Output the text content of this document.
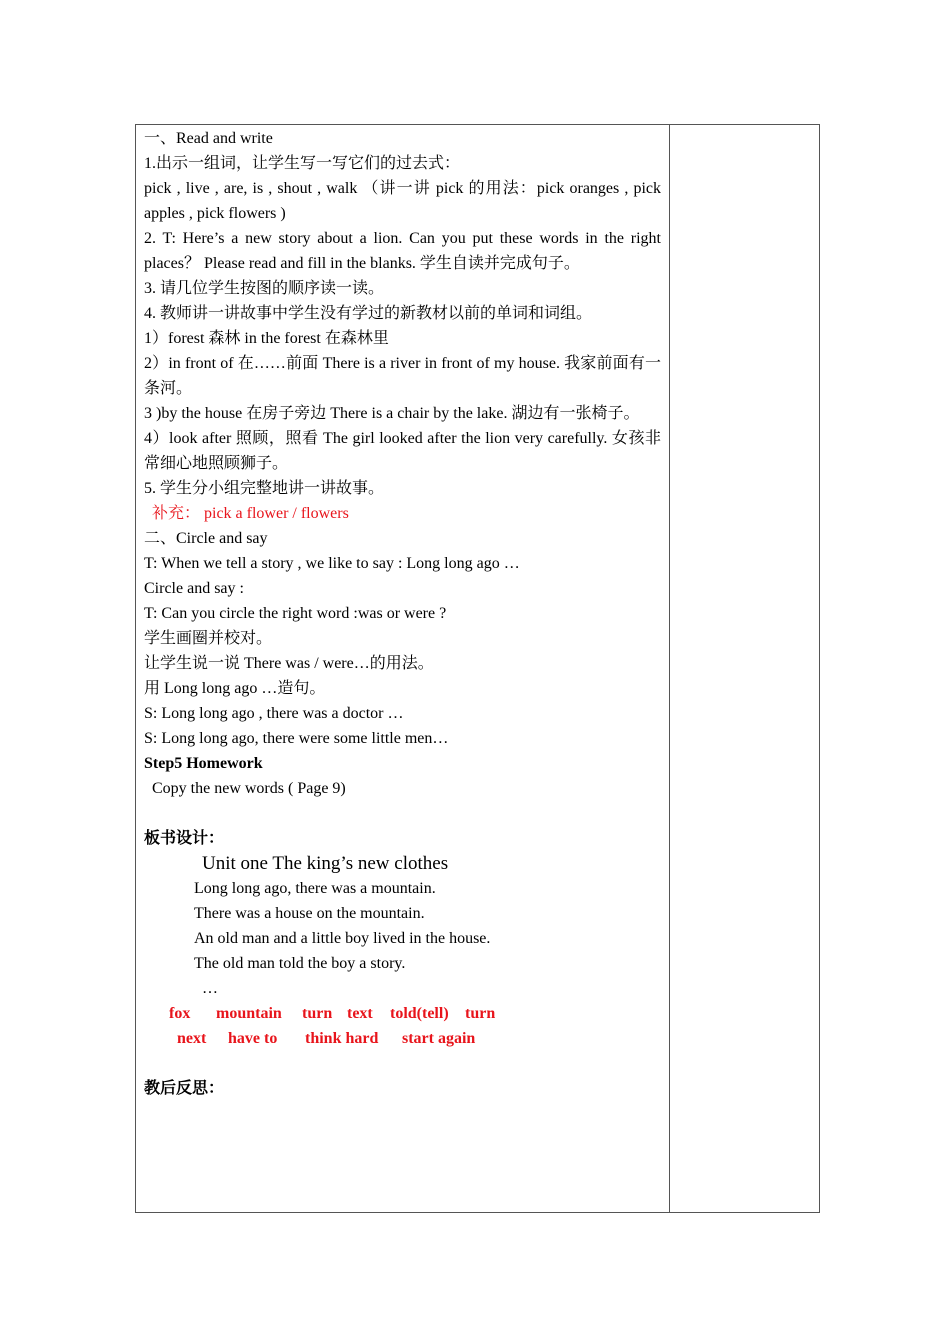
一、Read and write
1.出示一组词，让学生写一写它们的过去式：
pick , live , are, is , shout , walk （讲一讲 pick 的用法：pick oranges , pick apples , pick flowers )
2. T: Here’s a new story about a lion. Can you put these words in the right places？ Please read and fill in the blanks. 学生自读并完成句子。
3. 请几位学生按图的顺序读一读。
4. 教师讲一讲故事中学生没有学过的新教材以前的单词和词组。
1）forest 森林 in the forest 在森林里
2）in front of 在……前面 There is a river in front of my house. 我家前面有一条河。
3 )by the house 在房子旁边 There is a chair by the lake. 湖边有一张椅子。
4）look after 照顾，照看 The girl looked after the lion very carefully. 女孩非常细心地照顾狮子。
5. 学生分小组完整地讲一讲故事。
补充： pick a flower / flowers
二、Circle and say
T: When we tell a story , we like to say : Long long ago …
Circle and say :
T: Can you circle the right word :was or were ?
学生画圈并校对。
让学生说一说 There was / were…的用法。
用 Long long ago …造句。
S: Long long ago , there was a doctor …
S: Long long ago, there were some little men…
Step5 Homework
Copy the new words ( Page 9)
板书设计：
Unit one The king’s new clothes
Long long ago, there was a mountain.
There was a house on the mountain.
An old man and a little boy lived in the house.
The old man told the boy a story.
…
fox mountain turn text told(tell) turn
next have to think hard start again
教后反思：
